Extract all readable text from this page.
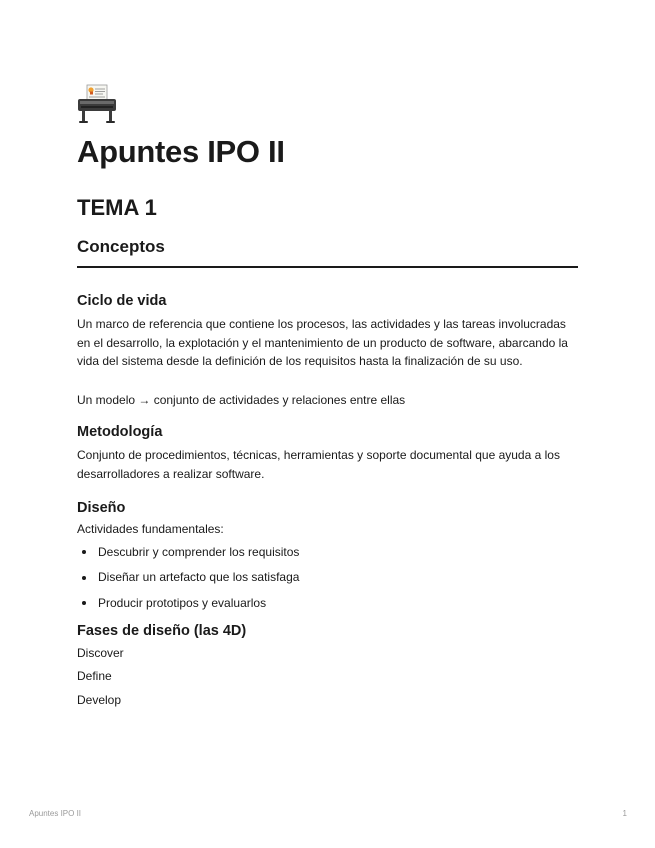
Apuntes IPO II
TEMA 1
Conceptos
Ciclo de vida

Un marco de referencia que contiene los procesos, las actividades y las tareas involucradas en el desarrollo, la explotación y el mantenimiento de un producto de software, abarcando la vida del sistema desde la definición de los requisitos hasta la finalización de su uso.

Un modelo → conjunto de actividades y relaciones entre ellas

Metodología

Conjunto de procedimientos, técnicas, herramientas y soporte documental que ayuda a los desarrolladores a realizar software.

Diseño

Actividades fundamentales:

Descubrir y comprender los requisitos
Diseñar un artefacto que los satisfaga
Producir prototipos y evaluarlos
Fases de diseño (las 4D)
Discover
Define
Develop
Apuntes IPO II	1
